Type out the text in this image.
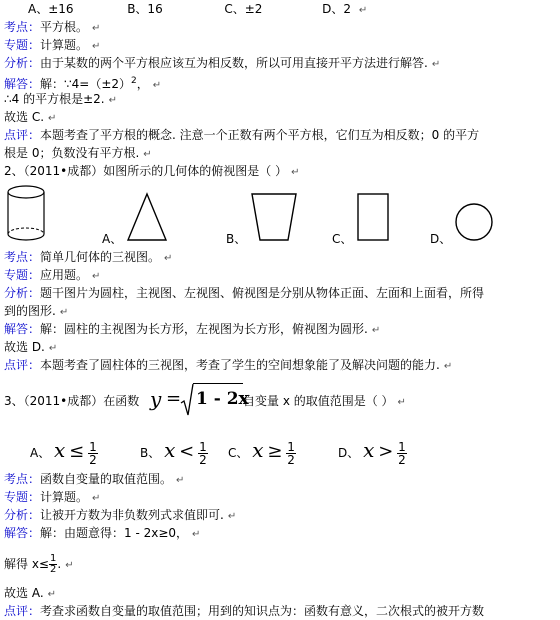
A、±16	B、16	C、±2	D、2 ↵
考点：平方根。 ↵
专题：计算题。 ↵
分析：由于某数的两个平方根应该互为相反数，所以可用直接开平方法进行解答. ↵
解答：解：$\because 4=(\pm 2)^2$， ↵
∴4 的平方根是±2. ↵
故选 C. ↵
点评：本题考查了平方根的概念. 注意一个正数有两个平方根，它们互为相反数；0 的平方
根是 0；负数没有平方根. ↵
2、（2011•成都）如图所示的几何体的俯视图是（ ） ↵
A、	B、	C、	D、
考点：简单几何体的三视图。 ↵
专题：应用题。 ↵
分析：题干图片为圆柱，主视图、左视图、俯视图是分别从物体正面、左面和上面看，所得
到的图形. ↵
解答：解：圆柱的主视图为长方形，左视图为长方形，俯视图为圆形. ↵
故选 D. ↵
点评：本题考查了圆柱体的三视图，考查了学生的空间想象能了及解决问题的能力. ↵
3、（2011•成都）在函数 y = 1 - 2x
自变量 x 的取值范围是（ ） ↵
A、 $x \le \frac{1}{2}$	B、 $x < \frac{1}{2}$ C、 $x \ge \frac{1}{2}$	D、 $x > \frac{1}{2}$
考点：函数自变量的取值范围。 ↵
专题：计算题。 ↵
分析：让被开方数为非负数列式求值即可. ↵
解答：解：由题意得：1 - 2x≥0， ↵
解得 $x\le \frac{1}{2}$ . ↵
故选 A. ↵
点评：考查求函数自变量的取值范围；用到的知识点为：函数有意义，二次根式的被开方数
